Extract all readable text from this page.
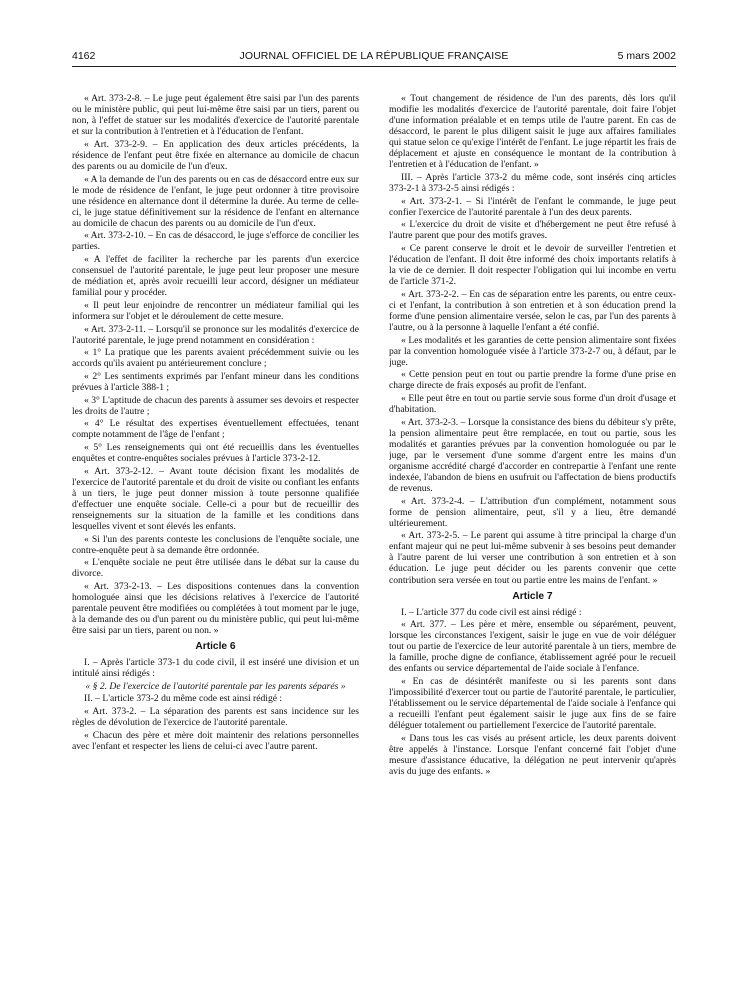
4162	JOURNAL OFFICIEL DE LA RÉPUBLIQUE FRANÇAISE	5 mars 2002

« Art. 373-2-8. – Le juge peut également être saisi par l'un des parents ou le ministère public, qui peut lui-même être saisi par un tiers, parent ou non, à l'effet de statuer sur les modalités d'exercice de l'autorité parentale et sur la contribution à l'entretien et à l'éducation de l'enfant.

« Art. 373-2-9. – En application des deux articles précédents, la résidence de l'enfant peut être fixée en alternance au domicile de chacun des parents ou au domicile de l'un d'eux.

« A la demande de l'un des parents ou en cas de désaccord entre eux sur le mode de résidence de l'enfant, le juge peut ordonner à titre provisoire une résidence en alternance dont il détermine la durée. Au terme de celle-ci, le juge statue définitivement sur la résidence de l'enfant en alternance au domicile de chacun des parents ou au domicile de l'un d'eux.

« Art. 373-2-10. – En cas de désaccord, le juge s'efforce de concilier les parties.

« A l'effet de faciliter la recherche par les parents d'un exercice consensuel de l'autorité parentale, le juge peut leur proposer une mesure de médiation et, après avoir recueilli leur accord, désigner un médiateur familial pour y procéder.

« Il peut leur enjoindre de rencontrer un médiateur familial qui les informera sur l'objet et le déroulement de cette mesure.

« Art. 373-2-11. – Lorsqu'il se prononce sur les modalités d'exercice de l'autorité parentale, le juge prend notamment en considération :

« 1° La pratique que les parents avaient précédemment suivie ou les accords qu'ils avaient pu antérieurement conclure ;

« 2° Les sentiments exprimés par l'enfant mineur dans les conditions prévues à l'article 388-1 ;

« 3° L'aptitude de chacun des parents à assumer ses devoirs et respecter les droits de l'autre ;

« 4° Le résultat des expertises éventuellement effectuées, tenant compte notamment de l'âge de l'enfant ;

« 5° Les renseignements qui ont été recueillis dans les éventuelles enquêtes et contre-enquêtes sociales prévues à l'article 373-2-12.

« Art. 373-2-12. – Avant toute décision fixant les modalités de l'exercice de l'autorité parentale et du droit de visite ou confiant les enfants à un tiers, le juge peut donner mission à toute personne qualifiée d'effectuer une enquête sociale. Celle-ci a pour but de recueillir des renseignements sur la situation de la famille et les conditions dans lesquelles vivent et sont élevés les enfants.

« Si l'un des parents conteste les conclusions de l'enquête sociale, une contre-enquête peut à sa demande être ordonnée.

« L'enquête sociale ne peut être utilisée dans le débat sur la cause du divorce.

« Art. 373-2-13. – Les dispositions contenues dans la convention homologuée ainsi que les décisions relatives à l'exercice de l'autorité parentale peuvent être modifiées ou complétées à tout moment par le juge, à la demande des ou d'un parent ou du ministère public, qui peut lui-même être saisi par un tiers, parent ou non. »

Article 6

I. – Après l'article 373-1 du code civil, il est inséré une division et un intitulé ainsi rédigés :

« § 2. De l'exercice de l'autorité parentale par les parents séparés »

II. – L'article 373-2 du même code est ainsi rédigé :

« Art. 373-2. – La séparation des parents est sans incidence sur les règles de dévolution de l'exercice de l'autorité parentale.

« Chacun des père et mère doit maintenir des relations personnelles avec l'enfant et respecter les liens de celui-ci avec l'autre parent.

« Tout changement de résidence de l'un des parents, dès lors qu'il modifie les modalités d'exercice de l'autorité parentale, doit faire l'objet d'une information préalable et en temps utile de l'autre parent. En cas de désaccord, le parent le plus diligent saisit le juge aux affaires familiales qui statue selon ce qu'exige l'intérêt de l'enfant. Le juge répartit les frais de déplacement et ajuste en conséquence le montant de la contribution à l'entretien et à l'éducation de l'enfant. »

III. – Après l'article 373-2 du même code, sont insérés cinq articles 373-2-1 à 373-2-5 ainsi rédigés :

« Art. 373-2-1. – Si l'intérêt de l'enfant le commande, le juge peut confier l'exercice de l'autorité parentale à l'un des deux parents.

« L'exercice du droit de visite et d'hébergement ne peut être refusé à l'autre parent que pour des motifs graves.

« Ce parent conserve le droit et le devoir de surveiller l'entretien et l'éducation de l'enfant. Il doit être informé des choix importants relatifs à la vie de ce dernier. Il doit respecter l'obligation qui lui incombe en vertu de l'article 371-2.

« Art. 373-2-2. – En cas de séparation entre les parents, ou entre ceux-ci et l'enfant, la contribution à son entretien et à son éducation prend la forme d'une pension alimentaire versée, selon le cas, par l'un des parents à l'autre, ou à la personne à laquelle l'enfant a été confié.

« Les modalités et les garanties de cette pension alimentaire sont fixées par la convention homologuée visée à l'article 373-2-7 ou, à défaut, par le juge.

« Cette pension peut en tout ou partie prendre la forme d'une prise en charge directe de frais exposés au profit de l'enfant.

« Elle peut être en tout ou partie servie sous forme d'un droit d'usage et d'habitation.

« Art. 373-2-3. – Lorsque la consistance des biens du débiteur s'y prête, la pension alimentaire peut être remplacée, en tout ou partie, sous les modalités et garanties prévues par la convention homologuée ou par le juge, par le versement d'une somme d'argent entre les mains d'un organisme accrédité chargé d'accorder en contrepartie à l'enfant une rente indexée, l'abandon de biens en usufruit ou l'affectation de biens productifs de revenus.

« Art. 373-2-4. – L'attribution d'un complément, notamment sous forme de pension alimentaire, peut, s'il y a lieu, être demandé ultérieurement.

« Art. 373-2-5. – Le parent qui assume à titre principal la charge d'un enfant majeur qui ne peut lui-même subvenir à ses besoins peut demander à l'autre parent de lui verser une contribution à son entretien et à son éducation. Le juge peut décider ou les parents convenir que cette contribution sera versée en tout ou partie entre les mains de l'enfant. »

Article 7

I. – L'article 377 du code civil est ainsi rédigé :

« Art. 377. – Les père et mère, ensemble ou séparément, peuvent, lorsque les circonstances l'exigent, saisir le juge en vue de voir déléguer tout ou partie de l'exercice de leur autorité parentale à un tiers, membre de la famille, proche digne de confiance, établissement agréé pour le recueil des enfants ou service départemental de l'aide sociale à l'enfance.

« En cas de désintérêt manifeste ou si les parents sont dans l'impossibilité d'exercer tout ou partie de l'autorité parentale, le particulier, l'établissement ou le service départemental de l'aide sociale à l'enfance qui a recueilli l'enfant peut également saisir le juge aux fins de se faire déléguer totalement ou partiellement l'exercice de l'autorité parentale.

« Dans tous les cas visés au présent article, les deux parents doivent être appelés à l'instance. Lorsque l'enfant concerné fait l'objet d'une mesure d'assistance éducative, la délégation ne peut intervenir qu'après avis du juge des enfants. »
